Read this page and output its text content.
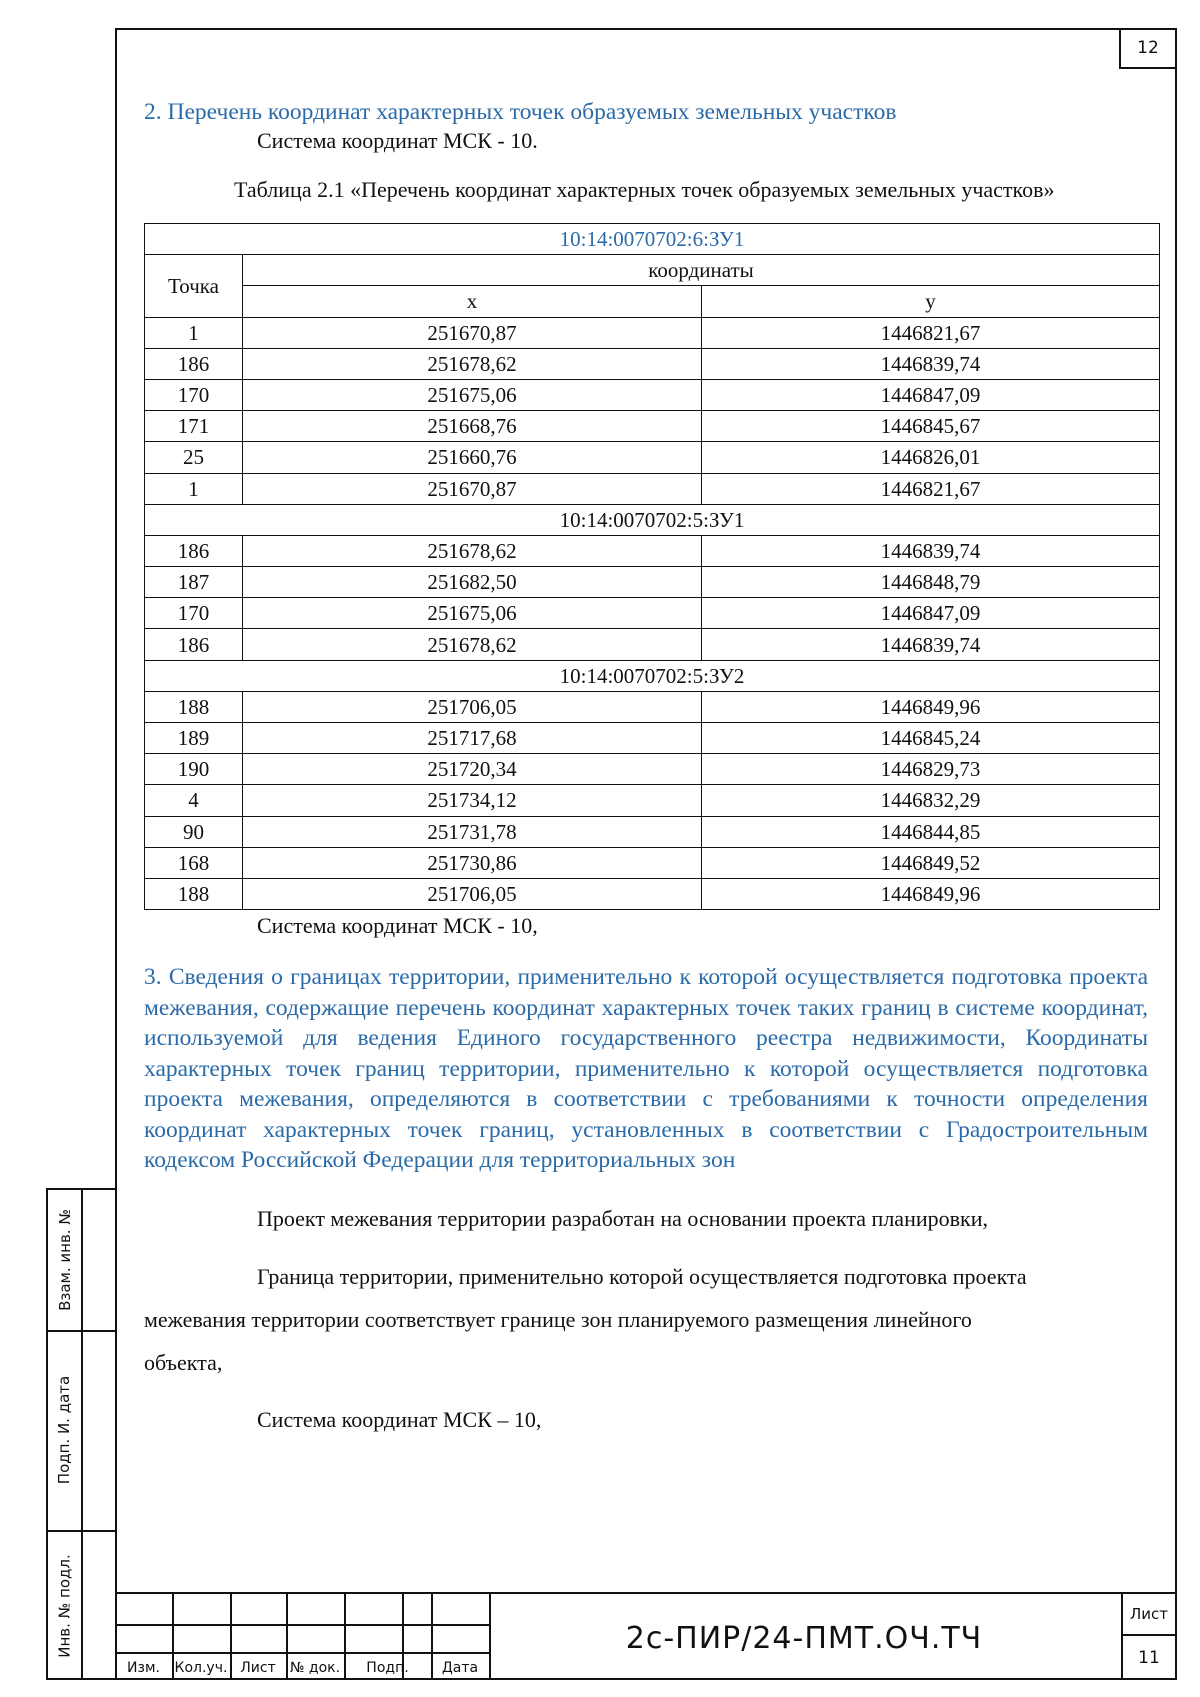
12
Взам. инв. №
Подп. И. дата
Инв. № подл.
2. Перечень координат характерных точек образуемых земельных участков
Система координат МСК - 10.
Таблица 2.1 «Перечень координат характерных точек образуемых земельных участков»
10:14:0070702:6:ЗУ1		
Точка	координаты	
	x	y
1	251670,87	1446821,67
186	251678,62	1446839,74
170	251675,06	1446847,09
171	251668,76	1446845,67
25	251660,76	1446826,01
1	251670,87	1446821,67
10:14:0070702:5:ЗУ1		
186	251678,62	1446839,74
187	251682,50	1446848,79
170	251675,06	1446847,09
186	251678,62	1446839,74
10:14:0070702:5:ЗУ2		
188	251706,05	1446849,96
189	251717,68	1446845,24
190	251720,34	1446829,73
4	251734,12	1446832,29
90	251731,78	1446844,85
168	251730,86	1446849,52
188	251706,05	1446849,96
Система координат МСК - 10,
3. Сведения о границах территории, применительно к которой осуществляется подготовка проекта межевания, содержащие перечень координат характерных точек таких границ в системе координат, используемой для ведения Единого государственного реестра недвижимости, Координаты характерных точек границ территории, применительно к которой осуществляется подготовка проекта межевания, определяются в соответствии с требованиями к точности определения координат характерных точек границ, установленных в соответствии с Градостроительным кодексом Российской Федерации для территориальных зон
Проект межевания территории разработан на основании проекта планировки,
Граница территории, применительно которой осуществляется подготовка проекта
межевания территории соответствует границе зон планируемого размещения линейного
объекта,
Система координат МСК – 10,
Изм.	Кол.уч. Лист	№ док.	Подп.	Дата
2с-ПИР/24-ПМТ.ОЧ.ТЧ
Лист
11
